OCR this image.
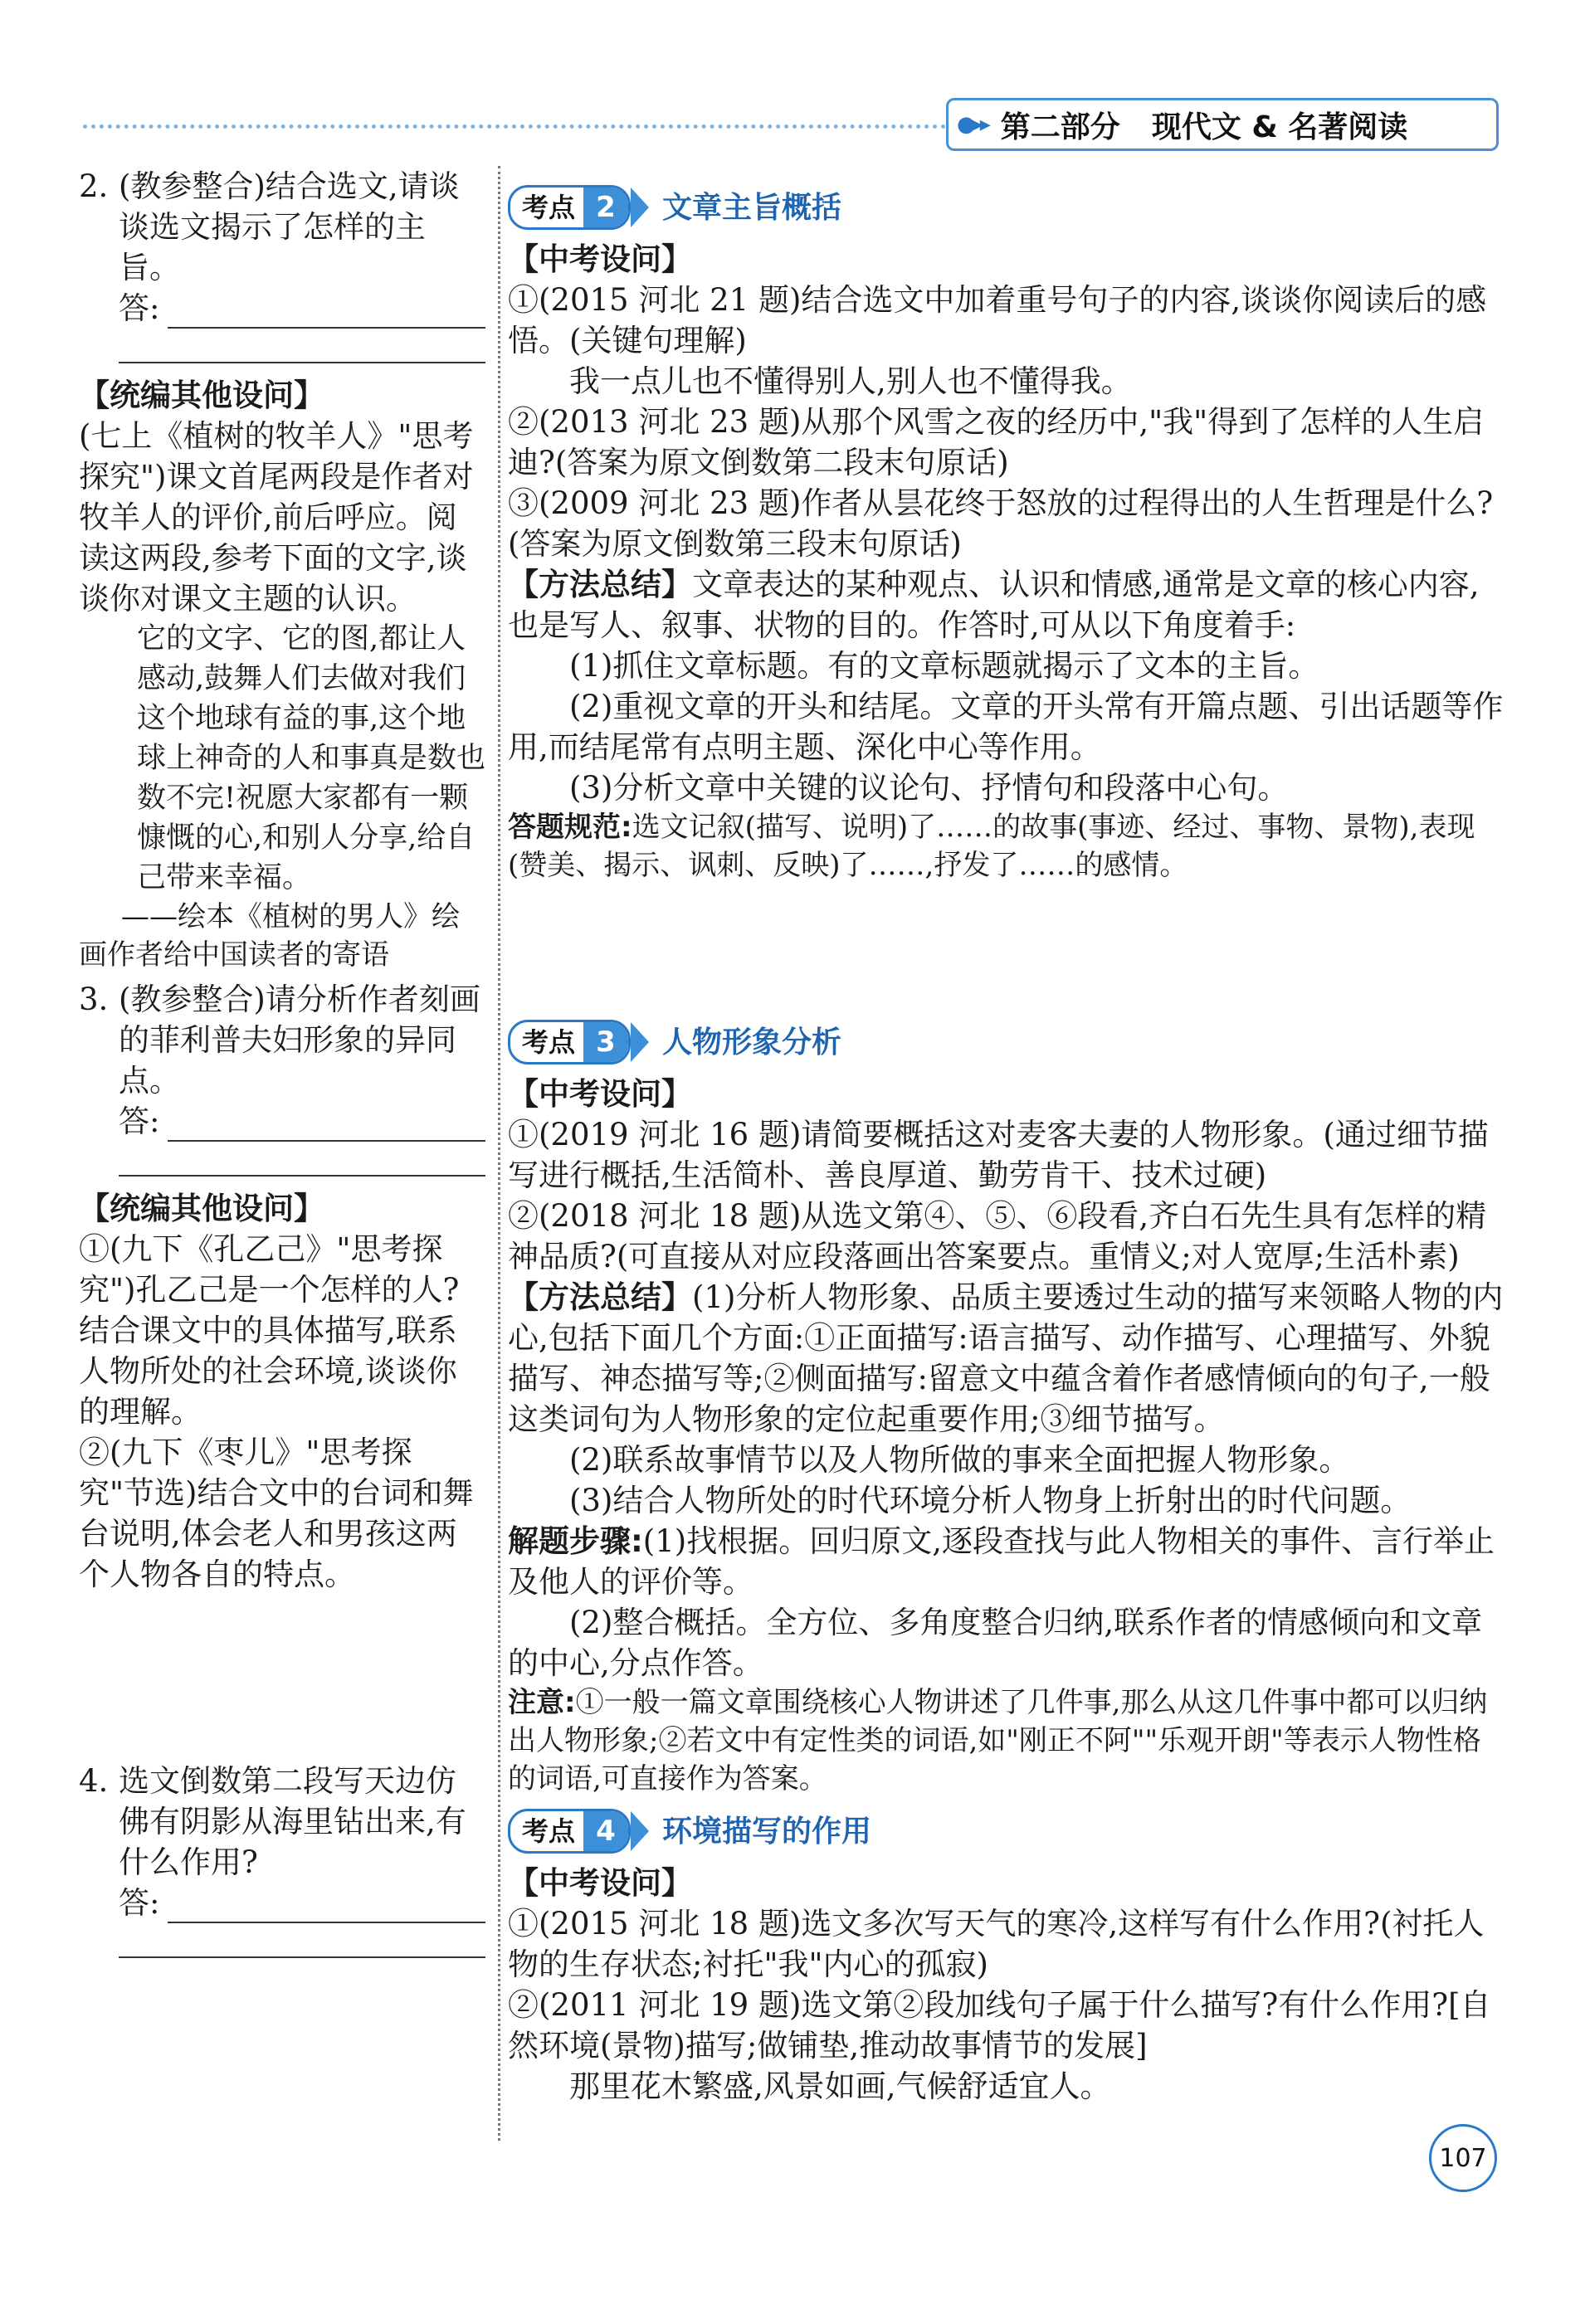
●▸▸ 第二部分 现代文 & 名著阅读
2. (教参整合)结合选文,请谈谈选文揭示了怎样的主旨。
答:

【统编其他设问】

(七上《植树的牧羊人》"思考探究")课文首尾两段是作者对牧羊人的评价,前后呼应。阅读这两段,参考下面的文字,谈谈你对课文主题的认识。

它的文字、它的图,都让人感动,鼓舞人们去做对我们这个地球有益的事,这个地球上神奇的人和事真是数也数不完!祝愿大家都有一颗慷慨的心,和别人分享,给自己带来幸福。

——绘本《植树的男人》绘画作者给中国读者的寄语

3. (教参整合)请分析作者刻画的菲利普夫妇形象的异同点。
答:

【统编其他设问】

①(九下《孔乙己》"思考探究")孔乙己是一个怎样的人?结合课文中的具体描写,联系人物所处的社会环境,谈谈你的理解。

②(九下《枣儿》"思考探究"节选)结合文中的台词和舞台说明,体会老人和男孩这两个人物各自的特点。

4. 选文倒数第二段写天边仿佛有阴影从海里钻出来,有什么作用?
答:
考点 2	文章主旨概括

【中考设问】

①(2015 河北 21 题)结合选文中加着重号句子的内容,谈谈你阅读后的感悟。(关键句理解)

我一点儿也不懂得别人,别人也不懂得我。

②(2013 河北 23 题)从那个风雪之夜的经历中,"我"得到了怎样的人生启迪?(答案为原文倒数第二段末句原话)

③(2009 河北 23 题)作者从昙花终于怒放的过程得出的人生哲理是什么?(答案为原文倒数第三段末句原话)

【方法总结】文章表达的某种观点、认识和情感,通常是文章的核心内容,也是写人、叙事、状物的目的。作答时,可从以下角度着手:

(1)抓住文章标题。有的文章标题就揭示了文本的主旨。

(2)重视文章的开头和结尾。文章的开头常有开篇点题、引出话题等作用,而结尾常有点明主题、深化中心等作用。

(3)分析文章中关键的议论句、抒情句和段落中心句。

答题规范:选文记叙(描写、说明)了……的故事(事迹、经过、事物、景物),表现(赞美、揭示、讽刺、反映)了……,抒发了……的感情。

考点 3	人物形象分析

【中考设问】

①(2019 河北 16 题)请简要概括这对麦客夫妻的人物形象。(通过细节描写进行概括,生活简朴、善良厚道、勤劳肯干、技术过硬)

②(2018 河北 18 题)从选文第④、⑤、⑥段看,齐白石先生具有怎样的精神品质?(可直接从对应段落画出答案要点。重情义;对人宽厚;生活朴素)

【方法总结】(1)分析人物形象、品质主要透过生动的描写来领略人物的内心,包括下面几个方面:①正面描写:语言描写、动作描写、心理描写、外貌描写、神态描写等;②侧面描写:留意文中蕴含着作者感情倾向的句子,一般这类词句为人物形象的定位起重要作用;③细节描写。

(2)联系故事情节以及人物所做的事来全面把握人物形象。

(3)结合人物所处的时代环境分析人物身上折射出的时代问题。

解题步骤:(1)找根据。回归原文,逐段查找与此人物相关的事件、言行举止及他人的评价等。

(2)整合概括。全方位、多角度整合归纳,联系作者的情感倾向和文章的中心,分点作答。

注意:①一般一篇文章围绕核心人物讲述了几件事,那么从这几件事中都可以归纳出人物形象;②若文中有定性类的词语,如"刚正不阿""乐观开朗"等表示人物性格的词语,可直接作为答案。

考点 4	环境描写的作用

【中考设问】

①(2015 河北 18 题)选文多次写天气的寒冷,这样写有什么作用?(衬托人物的生存状态;衬托"我"内心的孤寂)

②(2011 河北 19 题)选文第②段加线句子属于什么描写?有什么作用?[自然环境(景物)描写;做铺垫,推动故事情节的发展]

那里花木繁盛,风景如画,气候舒适宜人。

107
